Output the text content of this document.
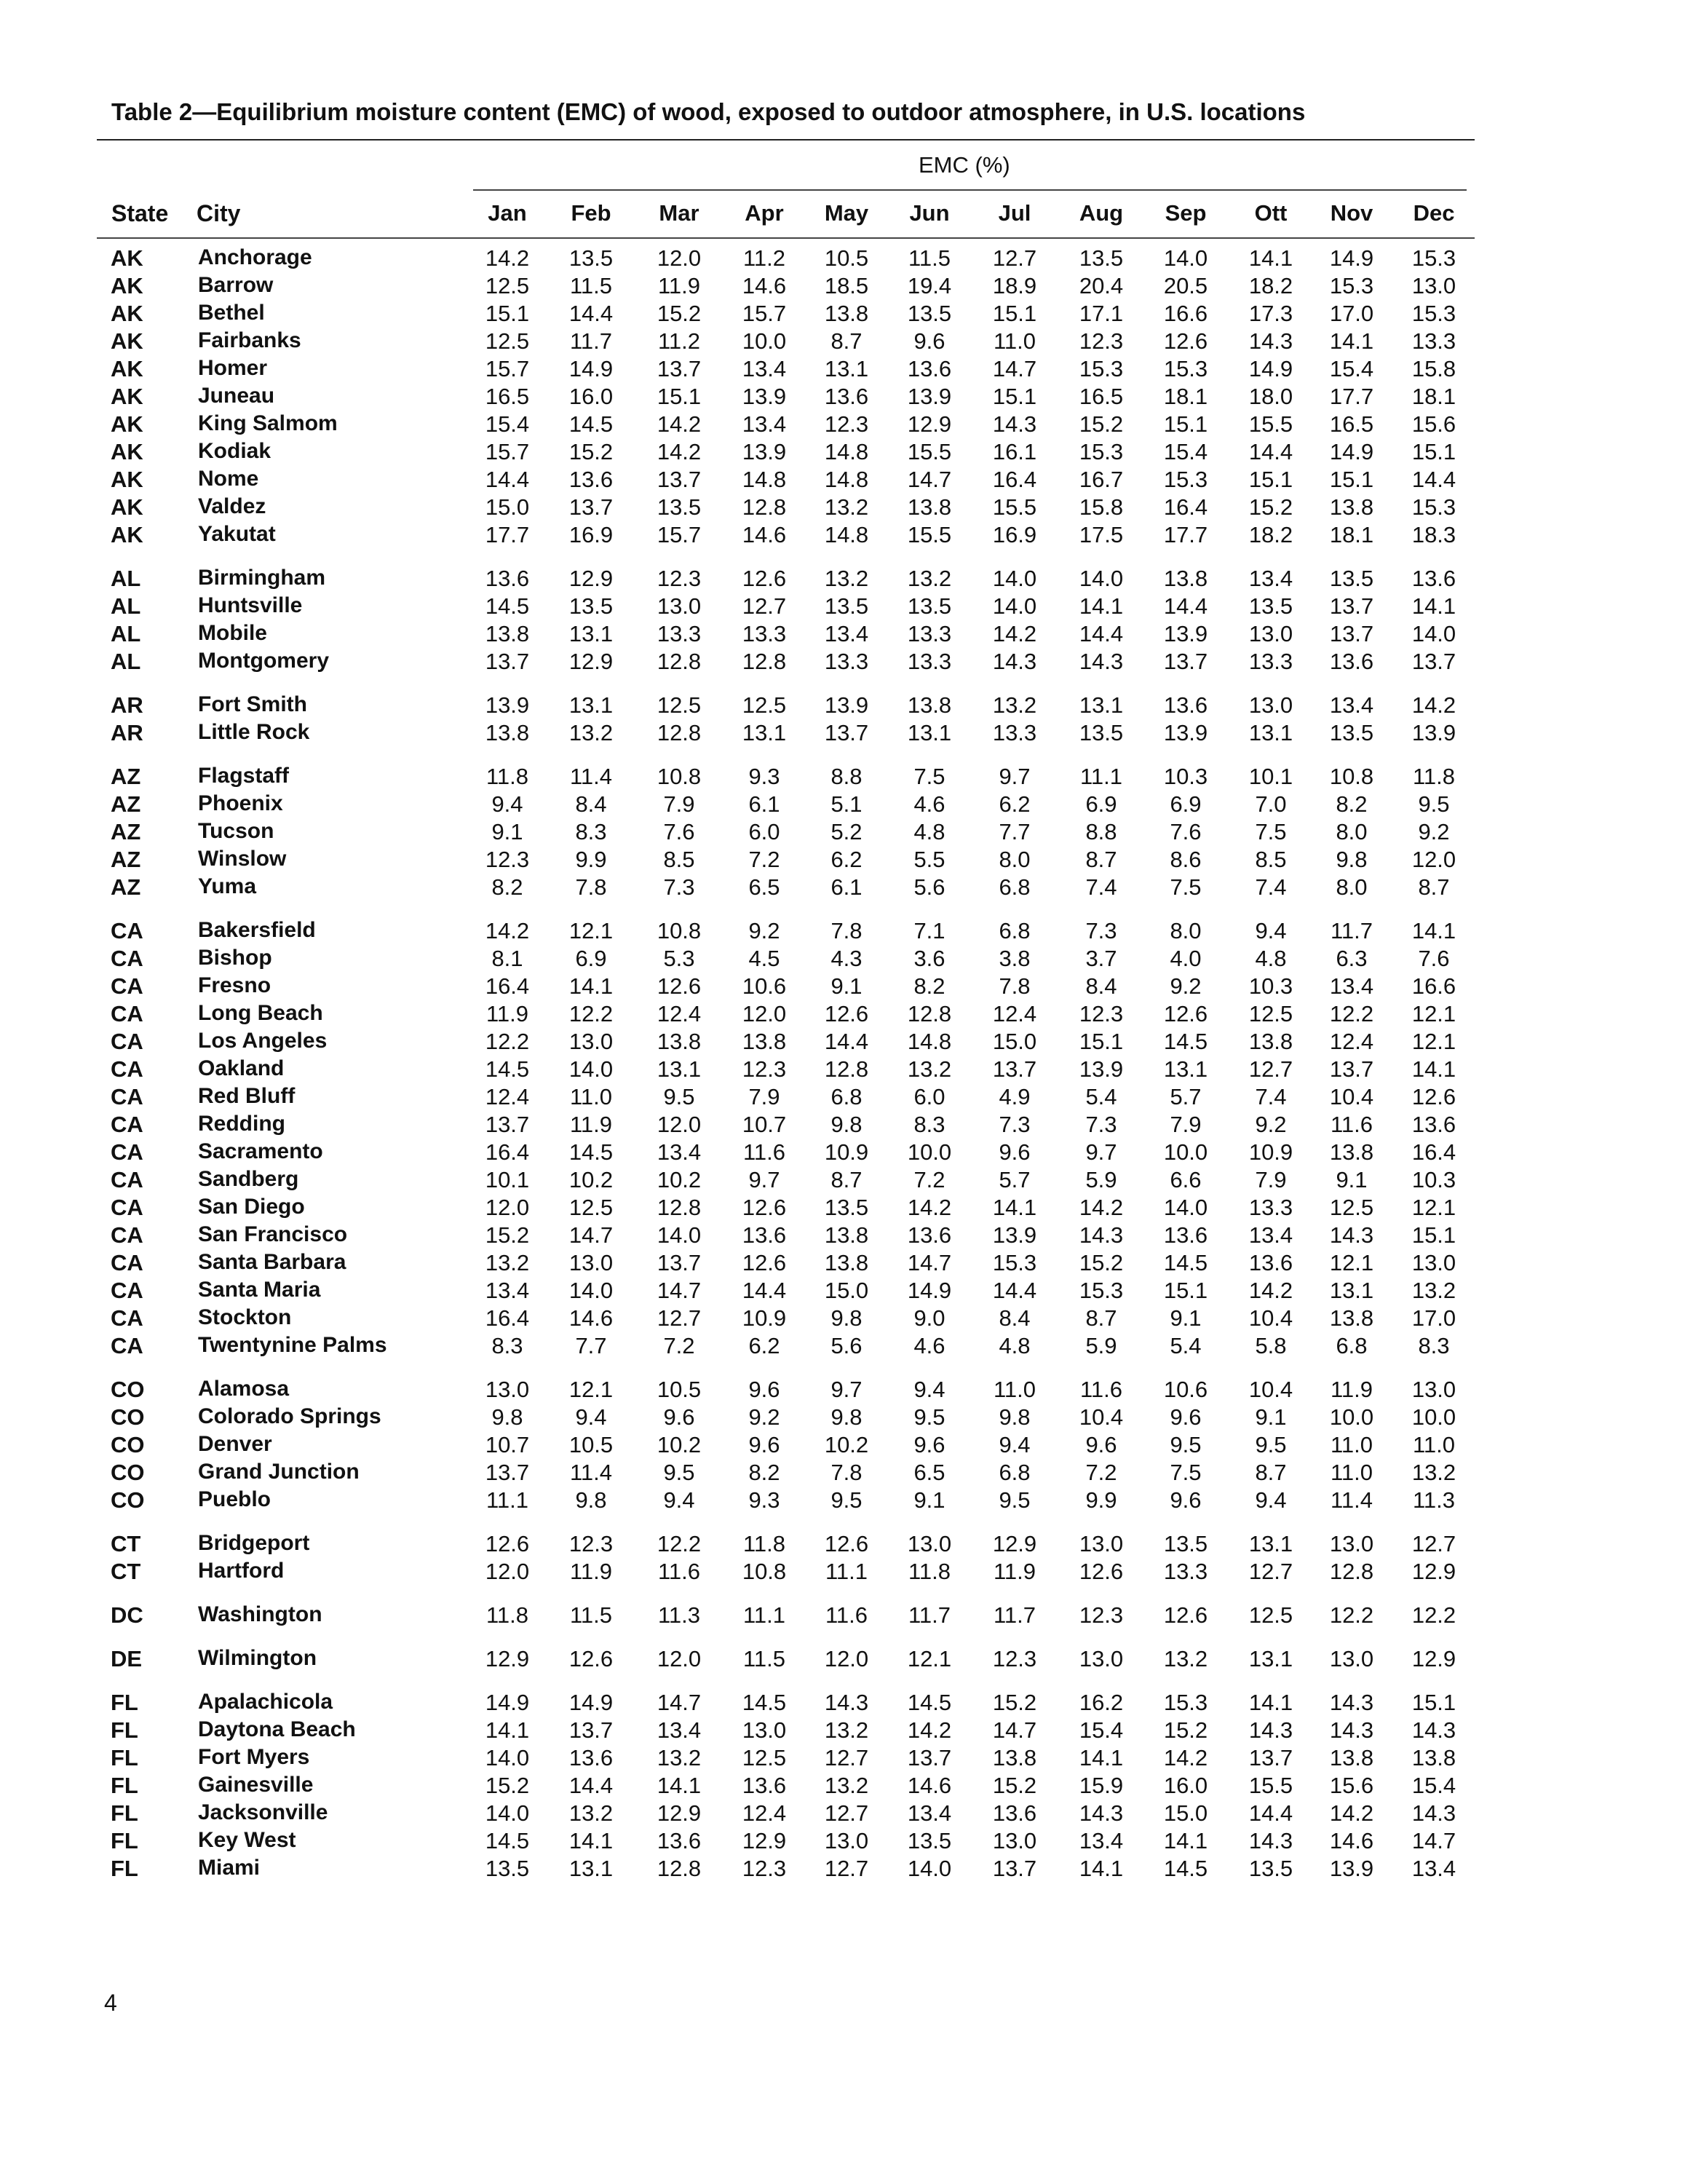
Table 2—Equilibrium moisture content (EMC) of wood, exposed to outdoor atmosphere, in U.S. locations
EMC (%)
State City	Jan	Feb	Mar	Apr	May	Jun	Jul	Aug	Sep	Ott	Nov	Dec
AK	Anchorage	14.2	13.5	12.0	11.2	10.5	11.5	12.7	13.5	14.0	14.1	14.9	15.3
AK	Barrow	12.5	11.5	11.9	14.6	18.5	19.4	18.9	20.4	20.5	18.2	15.3	13.0
AK	Bethel	15.1	14.4	15.2	15.7	13.8	13.5	15.1	17.1	16.6	17.3	17.0	15.3
AK	Fairbanks	12.5	11.7	11.2	10.0	8.7	9.6	11.0	12.3	12.6	14.3	14.1	13.3
AK	Homer	15.7	14.9	13.7	13.4	13.1	13.6	14.7	15.3	15.3	14.9	15.4	15.8
AK	Juneau	16.5	16.0	15.1	13.9	13.6	13.9	15.1	16.5	18.1	18.0	17.7	18.1
AK	King Salmom	15.4	14.5	14.2	13.4	12.3	12.9	14.3	15.2	15.1	15.5	16.5	15.6
AK	Kodiak	15.7	15.2	14.2	13.9	14.8	15.5	16.1	15.3	15.4	14.4	14.9	15.1
AK	Nome	14.4	13.6	13.7	14.8	14.8	14.7	16.4	16.7	15.3	15.1	15.1	14.4
AK	Valdez	15.0	13.7	13.5	12.8	13.2	13.8	15.5	15.8	16.4	15.2	13.8	15.3
AK	Yakutat	17.7	16.9	15.7	14.6	14.8	15.5	16.9	17.5	17.7	18.2	18.1	18.3
AL	Birmingham	13.6	12.9	12.3	12.6	13.2	13.2	14.0	14.0	13.8	13.4	13.5	13.6
AL	Huntsville	14.5	13.5	13.0	12.7	13.5	13.5	14.0	14.1	14.4	13.5	13.7	14.1
AL	Mobile	13.8	13.1	13.3	13.3	13.4	13.3	14.2	14.4	13.9	13.0	13.7	14.0
AL	Montgomery	13.7	12.9	12.8	12.8	13.3	13.3	14.3	14.3	13.7	13.3	13.6	13.7
AR	Fort Smith	13.9	13.1	12.5	12.5	13.9	13.8	13.2	13.1	13.6	13.0	13.4	14.2
AR	Little Rock	13.8	13.2	12.8	13.1	13.7	13.1	13.3	13.5	13.9	13.1	13.5	13.9
AZ	Flagstaff	11.8	11.4	10.8	9.3	8.8	7.5	9.7	11.1	10.3	10.1	10.8	11.8
AZ	Phoenix	9.4	8.4	7.9	6.1	5.1	4.6	6.2	6.9	6.9	7.0	8.2	9.5
AZ	Tucson	9.1	8.3	7.6	6.0	5.2	4.8	7.7	8.8	7.6	7.5	8.0	9.2
AZ	Winslow	12.3	9.9	8.5	7.2	6.2	5.5	8.0	8.7	8.6	8.5	9.8	12.0
AZ	Yuma	8.2	7.8	7.3	6.5	6.1	5.6	6.8	7.4	7.5	7.4	8.0	8.7
CA	Bakersfield	14.2	12.1	10.8	9.2	7.8	7.1	6.8	7.3	8.0	9.4	11.7	14.1
CA	Bishop	8.1	6.9	5.3	4.5	4.3	3.6	3.8	3.7	4.0	4.8	6.3	7.6
CA	Fresno	16.4	14.1	12.6	10.6	9.1	8.2	7.8	8.4	9.2	10.3	13.4	16.6
CA	Long Beach	11.9	12.2	12.4	12.0	12.6	12.8	12.4	12.3	12.6	12.5	12.2	12.1
CA	Los Angeles	12.2	13.0	13.8	13.8	14.4	14.8	15.0	15.1	14.5	13.8	12.4	12.1
CA	Oakland	14.5	14.0	13.1	12.3	12.8	13.2	13.7	13.9	13.1	12.7	13.7	14.1
CA	Red Bluff	12.4	11.0	9.5	7.9	6.8	6.0	4.9	5.4	5.7	7.4	10.4	12.6
CA	Redding	13.7	11.9	12.0	10.7	9.8	8.3	7.3	7.3	7.9	9.2	11.6	13.6
CA	Sacramento	16.4	14.5	13.4	11.6	10.9	10.0	9.6	9.7	10.0	10.9	13.8	16.4
CA	Sandberg	10.1	10.2	10.2	9.7	8.7	7.2	5.7	5.9	6.6	7.9	9.1	10.3
CA	San Diego	12.0	12.5	12.8	12.6	13.5	14.2	14.1	14.2	14.0	13.3	12.5	12.1
CA	San Francisco	15.2	14.7	14.0	13.6	13.8	13.6	13.9	14.3	13.6	13.4	14.3	15.1
CA	Santa Barbara	13.2	13.0	13.7	12.6	13.8	14.7	15.3	15.2	14.5	13.6	12.1	13.0
CA	Santa Maria	13.4	14.0	14.7	14.4	15.0	14.9	14.4	15.3	15.1	14.2	13.1	13.2
CA	Stockton	16.4	14.6	12.7	10.9	9.8	9.0	8.4	8.7	9.1	10.4	13.8	17.0
CA	Twentynine Palms	8.3	7.7	7.2	6.2	5.6	4.6	4.8	5.9	5.4	5.8	6.8	8.3
CO Alamosa	13.0	12.1	10.5	9.6	9.7	9.4	11.0	11.6	10.6	10.4	11.9	13.0
CO Colorado Springs	9.8	9.4	9.6	9.2	9.8	9.5	9.8	10.4	9.6	9.1	10.0	10.0
CO Denver	10.7	10.5	10.2	9.6	10.2	9.6	9.4	9.6	9.5	9.5	11.0	11.0
CO Grand Junction	13.7	11.4	9.5	8.2	7.8	6.5	6.8	7.2	7.5	8.7	11.0	13.2
CO Pueblo	11.1	9.8	9.4	9.3	9.5	9.1	9.5	9.9	9.6	9.4	11.4	11.3
CT	Bridgeport	12.6	12.3	12.2	11.8	12.6	13.0	12.9	13.0	13.5	13.1	13.0	12.7
CT	Hartford	12.0	11.9	11.6	10.8	11.1	11.8	11.9	12.6	13.3	12.7	12.8	12.9
DC	Washington	11.8	11.5	11.3	11.1	11.6	11.7	11.7	12.3	12.6	12.5	12.2	12.2
DE	Wilmington	12.9	12.6	12.0	11.5	12.0	12.1	12.3	13.0	13.2	13.1	13.0	12.9
FL	Apalachicola	14.9	14.9	14.7	14.5	14.3	14.5	15.2	16.2	15.3	14.1	14.3	15.1
FL	Daytona Beach	14.1	13.7	13.4	13.0	13.2	14.2	14.7	15.4	15.2	14.3	14.3	14.3
FL	Fort Myers	14.0	13.6	13.2	12.5	12.7	13.7	13.8	14.1	14.2	13.7	13.8	13.8
FL	Gainesville	15.2	14.4	14.1	13.6	13.2	14.6	15.2	15.9	16.0	15.5	15.6	15.4
FL	Jacksonville	14.0	13.2	12.9	12.4	12.7	13.4	13.6	14.3	15.0	14.4	14.2	14.3
FL	Key West	14.5	14.1	13.6	12.9	13.0	13.5	13.0	13.4	14.1	14.3	14.6	14.7
FL	Miami	13.5	13.1	12.8	12.3	12.7	14.0	13.7	14.1	14.5	13.5	13.9	13.4
4
